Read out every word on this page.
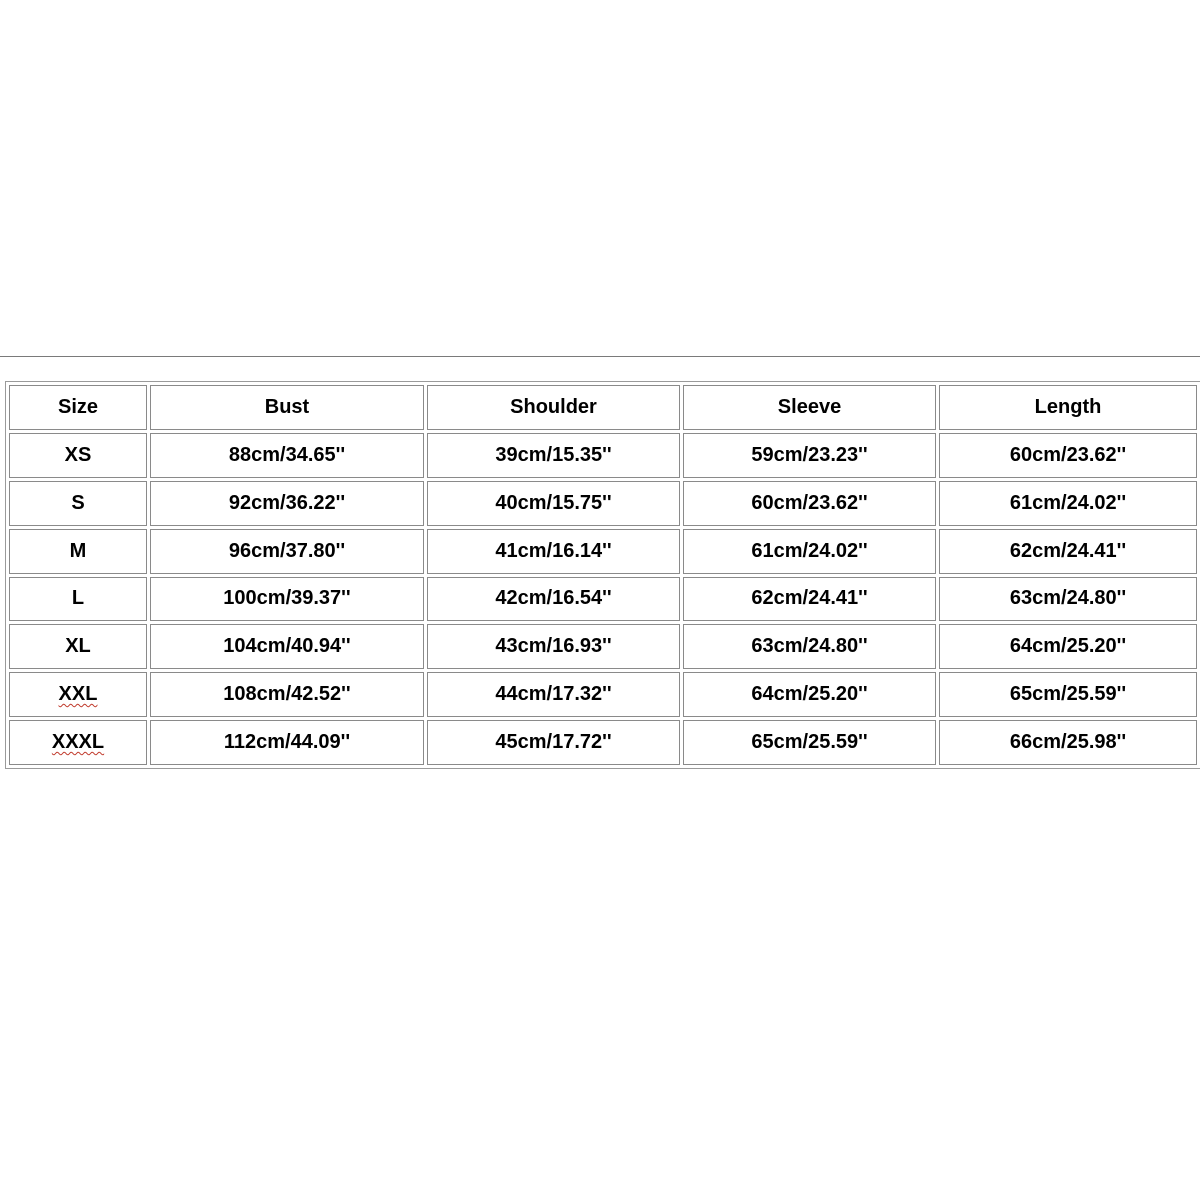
Size	Bust	Shoulder	Sleeve	Length
XS	88cm/34.65''	39cm/15.35''	59cm/23.23''	60cm/23.62''
S	92cm/36.22''	40cm/15.75''	60cm/23.62''	61cm/24.02''
M	96cm/37.80''	41cm/16.14''	61cm/24.02''	62cm/24.41''
L	100cm/39.37''	42cm/16.54''	62cm/24.41''	63cm/24.80''
XL	104cm/40.94''	43cm/16.93''	63cm/24.80''	64cm/25.20''
XXL	108cm/42.52''	44cm/17.32''	64cm/25.20''	65cm/25.59''
XXXL	112cm/44.09''	45cm/17.72''	65cm/25.59''	66cm/25.98''
